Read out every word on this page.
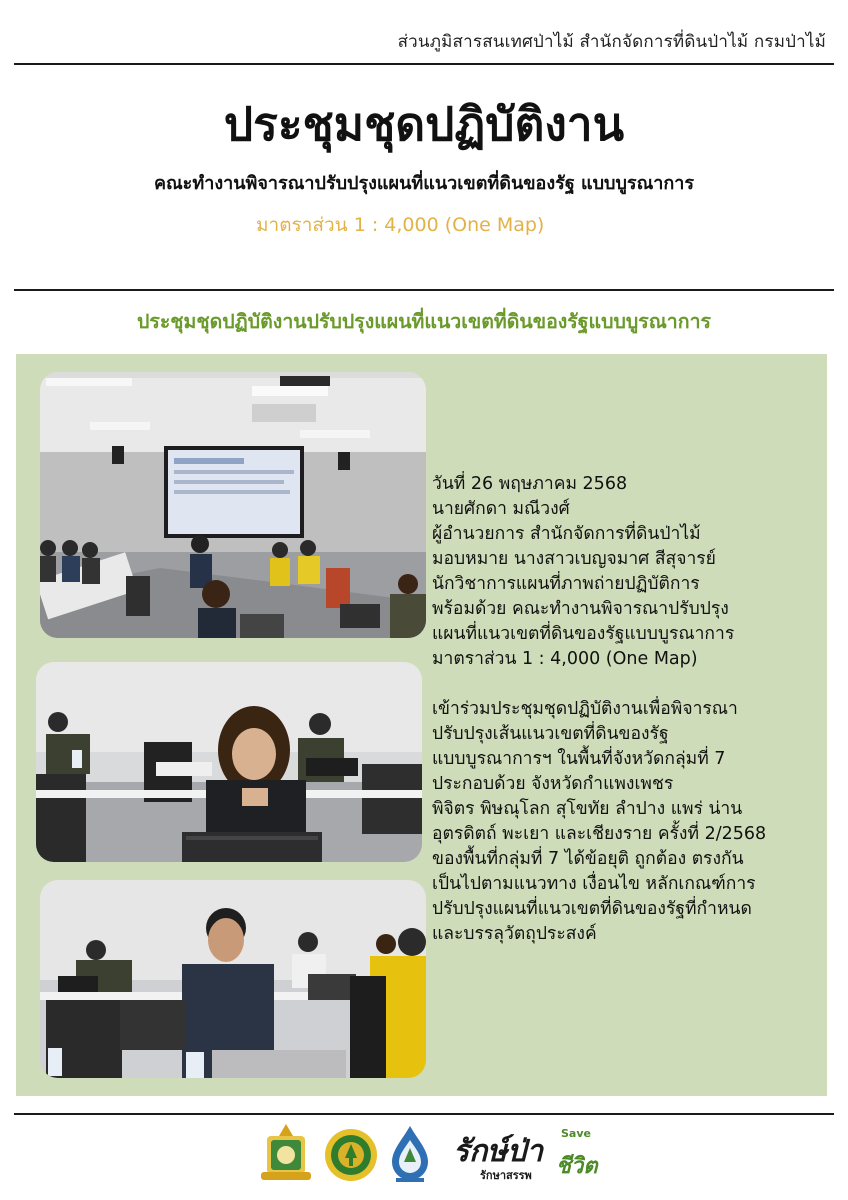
ส่วนภูมิสารสนเทศป่าไม้ สำนักจัดการที่ดินป่าไม้ กรมป่าไม้
ประชุมชุดปฏิบัติงาน
คณะทำงานพิจารณาปรับปรุงแผนที่แนวเขตที่ดินของรัฐ แบบบูรณาการ
มาตราส่วน 1 : 4,000 (One Map)
ประชุมชุดปฏิบัติงานปรับปรุงแผนที่แนวเขตที่ดินของรัฐแบบบูรณาการ
วันที่ 26 พฤษภาคม 2568
นายศักดา มณีวงศ์
ผู้อำนวยการ สำนักจัดการที่ดินป่าไม้
มอบหมาย นางสาวเบญจมาศ สีสุจารย์
นักวิชาการแผนที่ภาพถ่ายปฏิบัติการ
พร้อมด้วย คณะทำงานพิจารณาปรับปรุง
แผนที่แนวเขตที่ดินของรัฐแบบบูรณาการ
มาตราส่วน 1 : 4,000 (One Map)
เข้าร่วมประชุมชุดปฏิบัติงานเพื่อพิจารณา
ปรับปรุงเส้นแนวเขตที่ดินของรัฐ
แบบบูรณาการฯ ในพื้นที่จังหวัดกลุ่มที่ 7
ประกอบด้วย จังหวัดกำแพงเพชร
พิจิตร พิษณุโลก สุโขทัย ลำปาง แพร่ น่าน
อุตรดิตถ์ พะเยา และเชียงราย ครั้งที่ 2/2568
ของพื้นที่กลุ่มที่ 7 ได้ข้อยุติ ถูกต้อง ตรงกัน
เป็นไปตามแนวทาง เงื่อนไข หลักเกณฑ์การ
ปรับปรุงแผนที่แนวเขตที่ดินของรัฐที่กำหนด
และบรรลุวัตถุประสงค์
รักษ์ป่า
รักษาสรรพ
Save
ชีวิต
